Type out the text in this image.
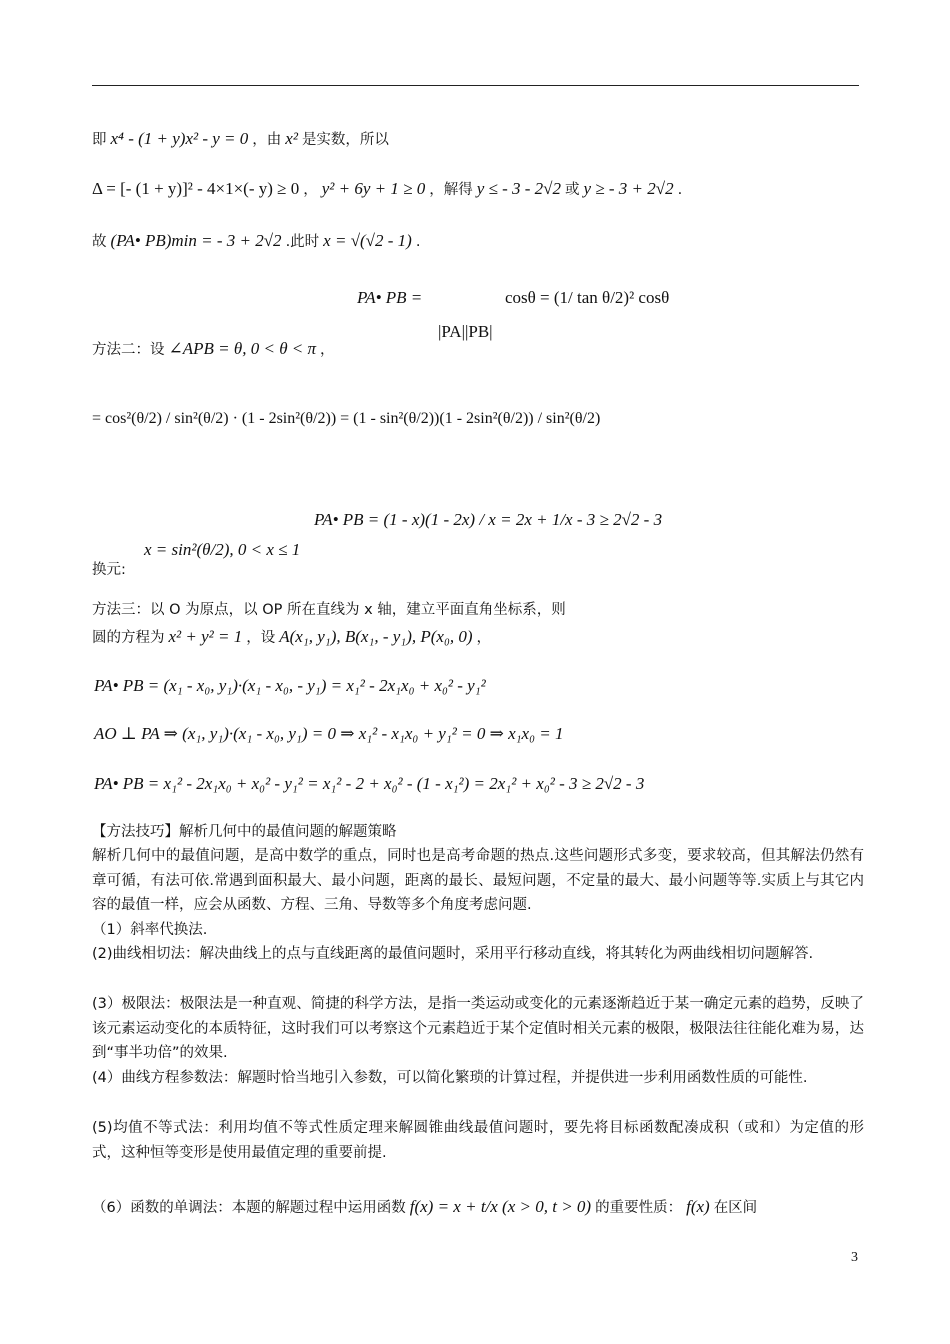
即 x⁴ - (1 + y)x² - y = 0 ，由 x² 是实数，所以
Δ = [- (1 + y)]² - 4×1×(- y) ≥ 0 ， y² + 6y + 1 ≥ 0 ，解得 y ≤ - 3 - 2√2 或 y ≥ - 3 + 2√2 .
故 (PA• PB)min = - 3 + 2√2 .此时 x = √(√2 - 1) .
PA• PB =
|PA||PB|
cosθ = (1/ tan θ/2)² cosθ
方法二：设 ∠APB = θ, 0 < θ < π ，
= cos²(θ/2) / sin²(θ/2) · (1 - 2sin²(θ/2)) = (1 - sin²(θ/2))(1 - 2sin²(θ/2)) / sin²(θ/2)
x = sin²(θ/2), 0 < x ≤ 1
换元:
PA• PB = (1 - x)(1 - 2x) / x = 2x + 1/x - 3 ≥ 2√2 - 3
方法三：以 O 为原点，以 OP 所在直线为 x 轴，建立平面直角坐标系，则
圆的方程为 x² + y² = 1 ，设 A(x₁, y₁), B(x₁, - y₁), P(x₀, 0) ，
PA• PB = (x₁ - x₀, y₁)·(x₁ - x₀, - y₁) = x₁² - 2x₁x₀ + x₀² - y₁²
AO ⊥ PA ⇒ (x₁, y₁)·(x₁ - x₀, y₁) = 0 ⇒ x₁² - x₁x₀ + y₁² = 0 ⇒ x₁x₀ = 1
PA• PB = x₁² - 2x₁x₀ + x₀² - y₁² = x₁² - 2 + x₀² - (1 - x₁²) = 2x₁² + x₀² - 3 ≥ 2√2 - 3
【方法技巧】解析几何中的最值问题的解题策略
解析几何中的最值问题，是高中数学的重点，同时也是高考命题的热点.这些问题形式多变，要求较高，但其解法仍然有章可循，有法可依.常遇到面积最大、最小问题，距离的最长、最短问题，不定量的最大、最小问题等等.实质上与其它内容的最值一样，应会从函数、方程、三角、导数等多个角度考虑问题.
（1）斜率代换法.
(2)曲线相切法：解决曲线上的点与直线距离的最值问题时，采用平行移动直线，将其转化为两曲线相切问题解答.
(3）极限法：极限法是一种直观、简捷的科学方法，是指一类运动或变化的元素逐渐趋近于某一确定元素的趋势，反映了该元素运动变化的本质特征，这时我们可以考察这个元素趋近于某个定值时相关元素的极限，极限法往往能化难为易，达到“事半功倍”的效果.
(4）曲线方程参数法：解题时恰当地引入参数，可以简化繁琐的计算过程，并提供进一步利用函数性质的可能性.
(5)均值不等式法：利用均值不等式性质定理来解圆锥曲线最值问题时，要先将目标函数配凑成积（或和）为定值的形式，这种恒等变形是使用最值定理的重要前提.
（6）函数的单调法：本题的解题过程中运用函数 f(x) = x + t/x (x > 0, t > 0) 的重要性质： f(x) 在区间
3
